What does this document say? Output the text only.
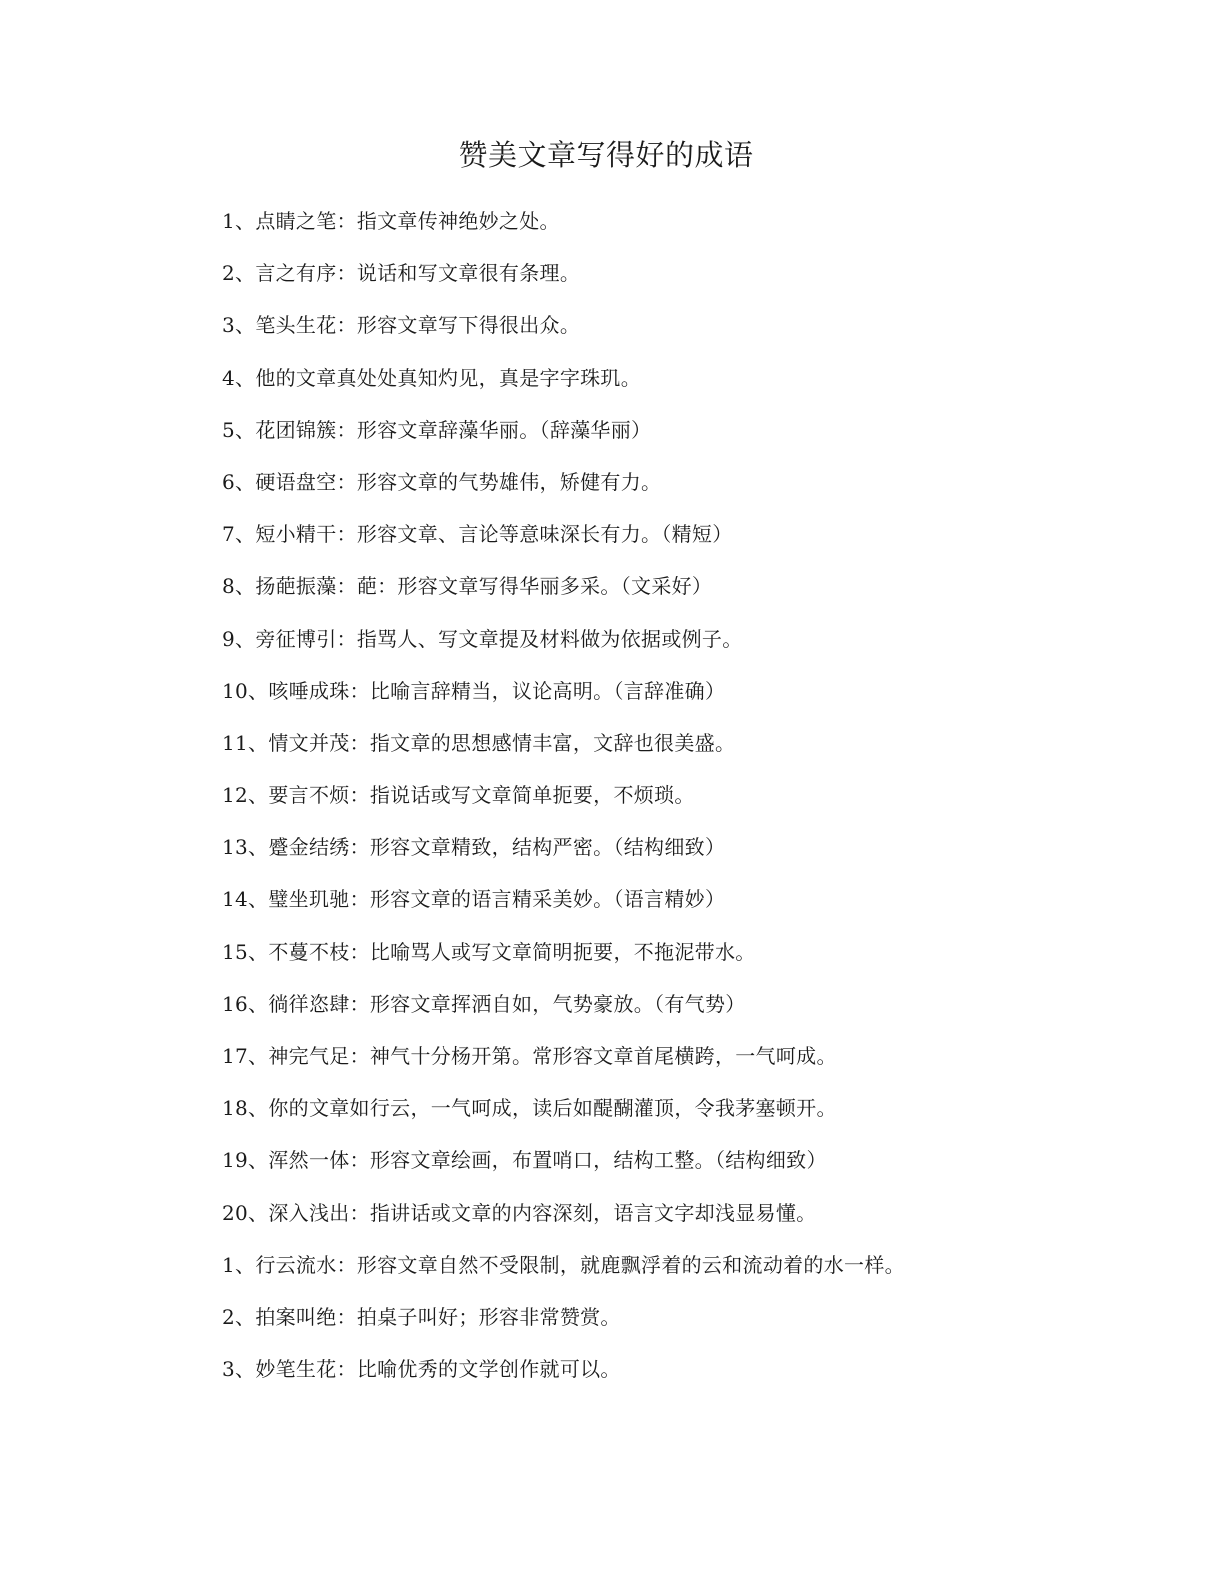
赞美文章写得好的成语
1、点睛之笔：指文章传神绝妙之处。
2、言之有序：说话和写文章很有条理。
3、笔头生花：形容文章写下得很出众。
4、他的文章真处处真知灼见，真是字字珠玑。
5、花团锦簇：形容文章辞藻华丽。（辞藻华丽）
6、硬语盘空：形容文章的气势雄伟，矫健有力。
7、短小精干：形容文章、言论等意味深长有力。（精短）
8、扬葩振藻：葩：形容文章写得华丽多采。（文采好）
9、旁征博引：指骂人、写文章提及材料做为依据或例子。
10、咳唾成珠：比喻言辞精当，议论高明。（言辞准确）
11、情文并茂：指文章的思想感情丰富，文辞也很美盛。
12、要言不烦：指说话或写文章简单扼要，不烦琐。
13、蹙金结绣：形容文章精致，结构严密。（结构细致）
14、璧坐玑驰：形容文章的语言精采美妙。（语言精妙）
15、不蔓不枝：比喻骂人或写文章简明扼要，不拖泥带水。
16、徜徉恣肆：形容文章挥洒自如，气势豪放。（有气势）
17、神完气足：神气十分杨开第。常形容文章首尾横跨，一气呵成。
18、你的文章如行云，一气呵成，读后如醍醐灌顶，令我茅塞顿开。
19、浑然一体：形容文章绘画，布置哨口，结构工整。（结构细致）
20、深入浅出：指讲话或文章的内容深刻，语言文字却浅显易懂。
1、行云流水：形容文章自然不受限制，就鹿飘浮着的云和流动着的水一样。
2、拍案叫绝：拍桌子叫好；形容非常赞赏。
3、妙笔生花：比喻优秀的文学创作就可以。
